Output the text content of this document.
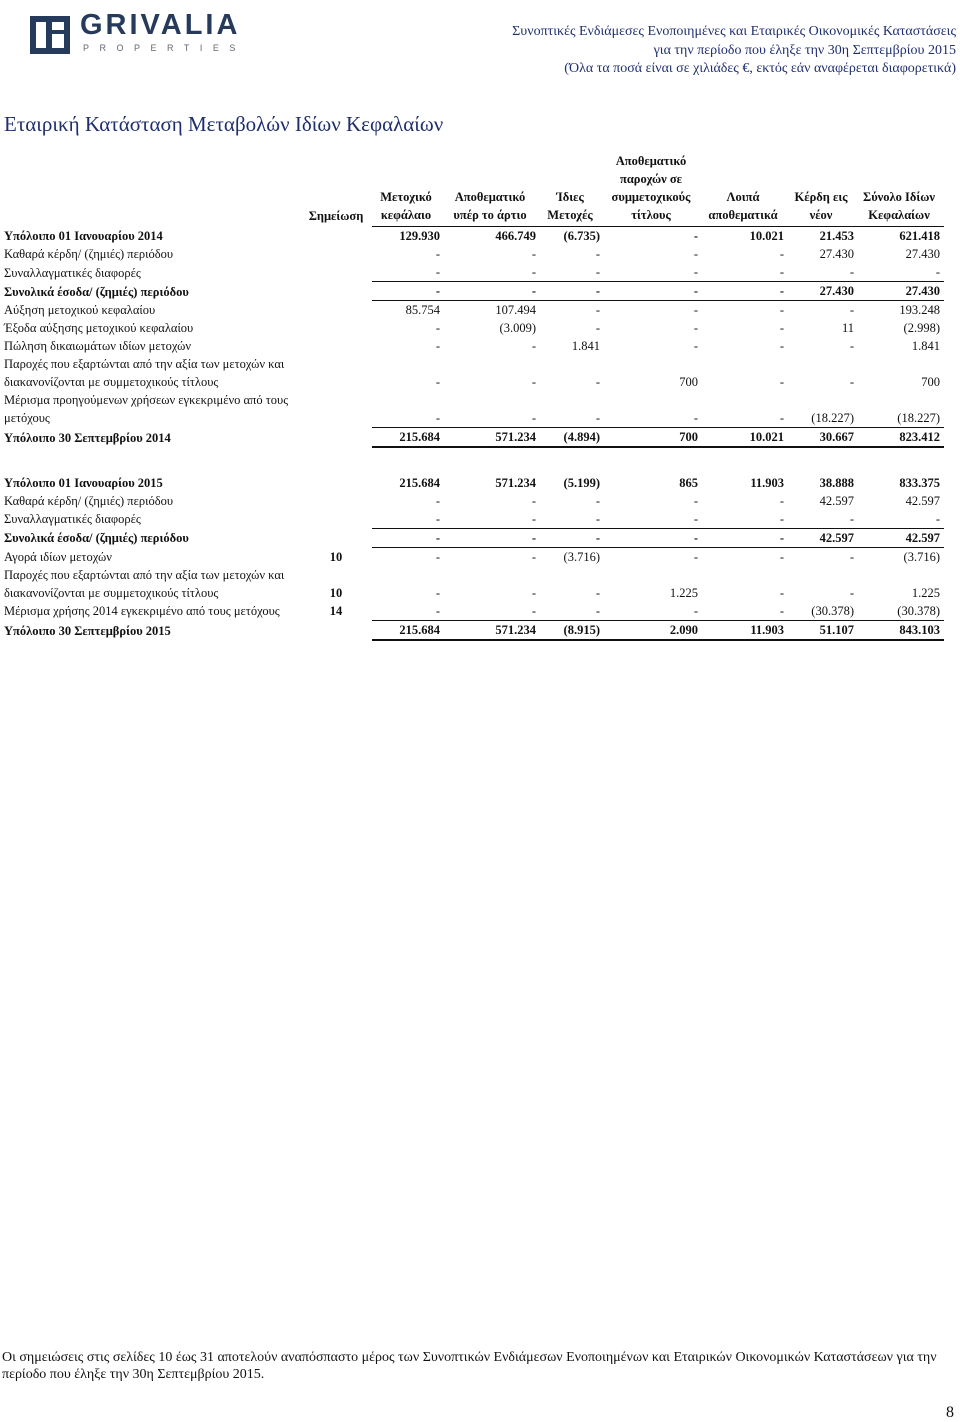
GRIVALIA
PROPERTIES
Συνοπτικές Ενδιάμεσες Ενοποιημένες και Εταιρικές Οικονομικές Καταστάσεις
για την περίοδο που έληξε την 30η Σεπτεμβρίου 2015
(Όλα τα ποσά είναι σε χιλιάδες €, εκτός εάν αναφέρεται διαφορετικά)
Εταιρική Κατάσταση Μεταβολών Ιδίων Κεφαλαίων
	Σημείωση	Μετοχικό κεφάλαιο	Αποθεματικό υπέρ το άρτιο	Ίδιες Μετοχές	Αποθεματικό παροχών σε συμμετοχικούς τίτλους	Λοιπά αποθεματικά	Κέρδη εις νέον	Σύνολο Ιδίων Κεφαλαίων
Υπόλοιπο 01 Ιανουαρίου 2014		129.930	466.749	(6.735)	-	10.021	21.453	621.418
Καθαρά κέρδη/ (ζημιές) περιόδου		-	-	-	-	-	27.430	27.430
Συναλλαγματικές διαφορές		-	-	-	-	-	-	-
Συνολικά έσοδα/ (ζημιές) περιόδου		-	-	-	-	-	27.430	27.430
Αύξηση μετοχικού κεφαλαίου		85.754	107.494	-	-	-	-	193.248
Έξοδα αύξησης μετοχικού κεφαλαίου		-	(3.009)	-	-	-	11	(2.998)
Πώληση δικαιωμάτων ιδίων μετοχών		-	-	1.841	-	-	-	1.841
Παροχές που εξαρτώνται από την αξία των μετοχών και διακανονίζονται με συμμετοχικούς τίτλους		-	-	-	700	-	-	700
Μέρισμα προηγούμενων χρήσεων εγκεκριμένο από τους μετόχους		-	-	-	-	-	(18.227)	(18.227)
Υπόλοιπο 30 Σεπτεμβρίου 2014		215.684	571.234	(4.894)	700	10.021	30.667	823.412

Υπόλοιπο 01 Ιανουαρίου 2015		215.684	571.234	(5.199)	865	11.903	38.888	833.375
Καθαρά κέρδη/ (ζημιές) περιόδου		-	-	-	-	-	42.597	42.597
Συναλλαγματικές διαφορές		-	-	-	-	-	-	-
Συνολικά έσοδα/ (ζημιές) περιόδου		-	-	-	-	-	42.597	42.597
Αγορά ιδίων μετοχών	10	-	-	(3.716)	-	-	-	(3.716)
Παροχές που εξαρτώνται από την αξία των μετοχών και διακανονίζονται με συμμετοχικούς τίτλους	10	-	-	-	1.225	-	-	1.225
Μέρισμα χρήσης 2014 εγκεκριμένο από τους μετόχους	14	-	-	-	-	-	(30.378)	(30.378)
Υπόλοιπο 30 Σεπτεμβρίου 2015		215.684	571.234	(8.915)	2.090	11.903	51.107	843.103
Οι σημειώσεις στις σελίδες 10 έως 31 αποτελούν αναπόσπαστο μέρος των Συνοπτικών Ενδιάμεσων Ενοποιημένων και Εταιρικών Οικονομικών Καταστάσεων για την περίοδο που έληξε την 30η Σεπτεμβρίου 2015.
8
